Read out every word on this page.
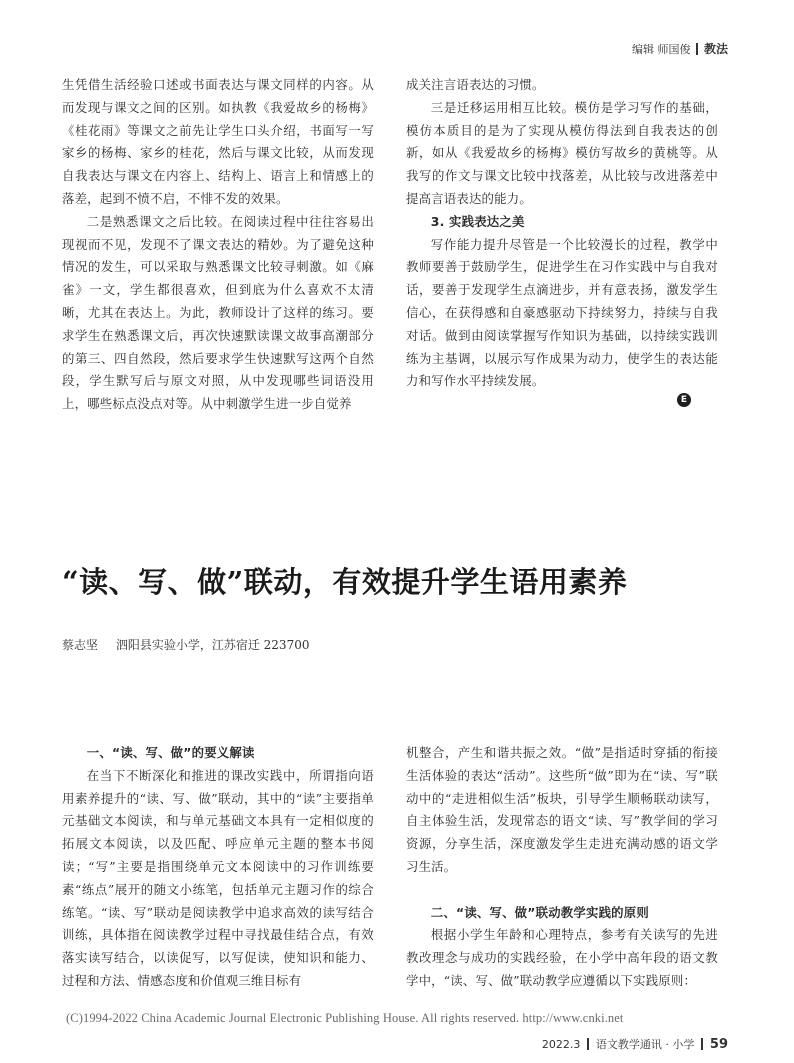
编辑 师国俊 教法

生凭借生活经验口述或书面表达与课文同样的内容。从而发现与课文之间的区别。如执教《我爱故乡的杨梅》《桂花雨》等课文之前先让学生口头介绍，书面写一写家乡的杨梅、家乡的桂花，然后与课文比较，从而发现自我表达与课文在内容上、结构上、语言上和情感上的落差，起到不愤不启，不悱不发的效果。

二是熟悉课文之后比较。在阅读过程中往往容易出现视而不见，发现不了课文表达的精妙。为了避免这种情况的发生，可以采取与熟悉课文比较寻刺激。如《麻雀》一文，学生都很喜欢，但到底为什么喜欢不太清晰，尤其在表达上。为此，教师设计了这样的练习。要求学生在熟悉课文后，再次快速默读课文故事高潮部分的第三、四自然段，然后要求学生快速默写这两个自然段，学生默写后与原文对照，从中发现哪些词语没用上，哪些标点没点对等。从中刺激学生进一步自觉养

成关注言语表达的习惯。

三是迁移运用相互比较。模仿是学习写作的基础，模仿本质目的是为了实现从模仿得法到自我表达的创新，如从《我爱故乡的杨梅》模仿写故乡的黄桃等。从我写的作文与课文比较中找落差，从比较与改进落差中提高言语表达的能力。

3. 实践表达之美

写作能力提升尽管是一个比较漫长的过程，教学中教师要善于鼓励学生，促进学生在习作实践中与自我对话，要善于发现学生点滴进步，并有意表扬，激发学生信心，在获得感和自豪感驱动下持续努力，持续与自我对话。做到由阅读掌握写作知识为基础，以持续实践训练为主基调，以展示写作成果为动力，使学生的表达能力和写作水平持续发展。

E
“读、写、做”联动，有效提升学生语用素养
蔡志坚 泗阳县实验小学，江苏宿迁 223700
一、“读、写、做”的要义解读

在当下不断深化和推进的课改实践中，所谓指向语用素养提升的“读、写、做”联动，其中的“读”主要指单元基础文本阅读，和与单元基础文本具有一定相似度的拓展文本阅读，以及匹配、呼应单元主题的整本书阅读；“写”主要是指围绕单元文本阅读中的习作训练要素“练点”展开的随文小练笔，包括单元主题习作的综合练笔。“读、写”联动是阅读教学中追求高效的读写结合训练，具体指在阅读教学过程中寻找最佳结合点，有效落实读写结合，以读促写，以写促读，使知识和能力、过程和方法、情感态度和价值观三维目标有

机整合，产生和谐共振之效。“做”是指适时穿插的衔接生活体验的表达“活动”。这些所“做”即为在“读、写”联动中的“走进相似生活”板块，引导学生顺畅联动读写，自主体验生活，发现常态的语文“读、写”教学间的学习资源，分享生活，深度激发学生走进充满动感的语文学习生活。

二、“读、写、做”联动教学实践的原则

根据小学生年龄和心理特点，参考有关读写的先进教改理念与成功的实践经验，在小学中高年段的语文教学中，“读、写、做”联动教学应遵循以下实践原则：

(C)1994-2022 China Academic Journal Electronic Publishing House. All rights reserved. http://www.cnki.net
2022.3 语文教学通讯 · 小学 59
